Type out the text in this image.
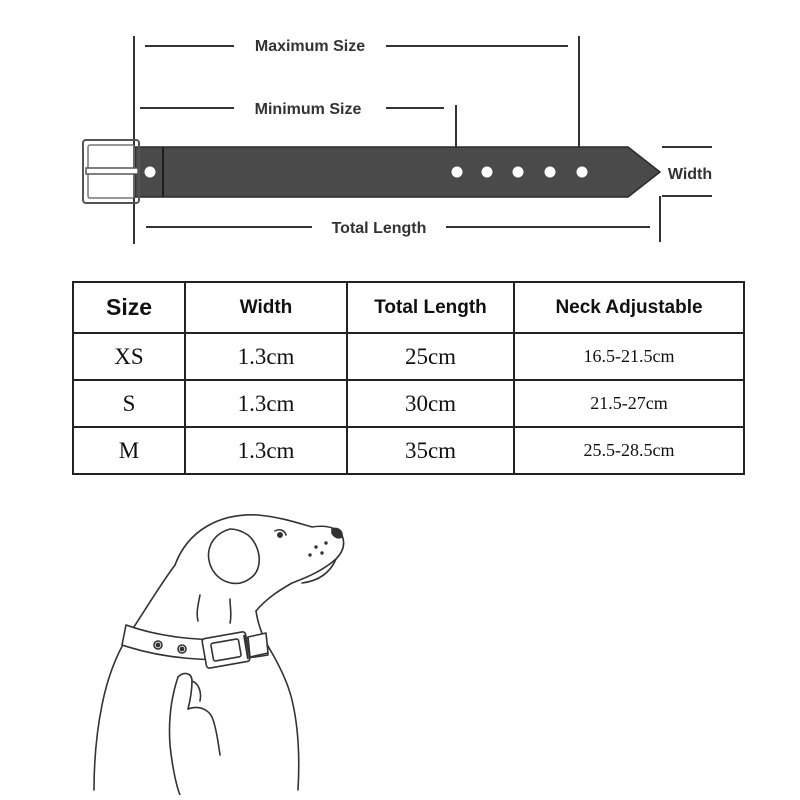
Maximum Size
Minimum Size
Width
Total Length
Size	Width	Total Length	Neck Adjustable
XS	1.3cm	25cm	16.5-21.5cm
S	1.3cm	30cm	21.5-27cm
M	1.3cm	35cm	25.5-28.5cm
